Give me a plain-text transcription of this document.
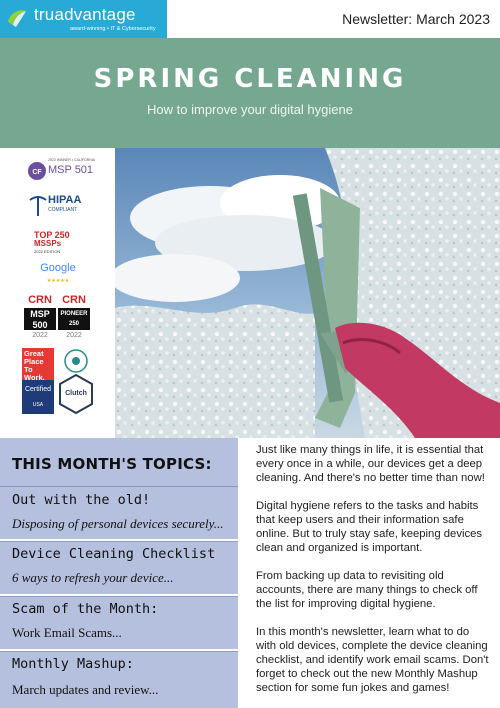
truadvantage
award-winning • IT & Cybersecurity
Newsletter: March 2023
SPRING CLEANING
How to improve your digital hygiene
CF
2022 WINNER • CALIFORNIA
MSP 501
HIPAA
COMPLIANT
TOP 250
MSSPs
2022 EDITION
Google
★★★★★
CRN
MSP 500
2022
CRN
PIONEER 250
2022
Great Place To Work.
Certified
USA
Clutch
THIS MONTH'S TOPICS:
Out with the old!
Disposing of personal devices securely...
Device Cleaning Checklist
6 ways to refresh your device...
Scam of the Month:
Work Email Scams...
Monthly Mashup:
March updates and review...

Just like many things in life, it is essential that every once in a while, our devices get a deep cleaning. And there's no better time than now!

Digital hygiene refers to the tasks and habits that keep users and their information safe online. But to truly stay safe, keeping devices clean and organized is important.

From backing up data to revisiting old accounts, there are many things to check off the list for improving digital hygiene.

In this month's newsletter, learn what to do with old devices, complete the device cleaning checklist, and identify work email scams. Don't forget to check out the new Monthly Mashup section for some fun jokes and games!
